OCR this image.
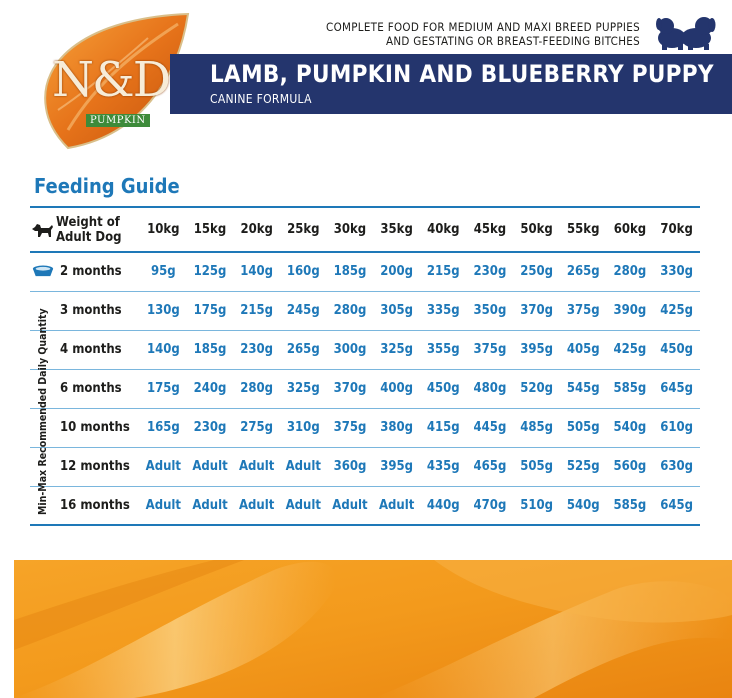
N&D
PUMPKIN
COMPLETE FOOD FOR MEDIUM AND MAXI BREED PUPPIES
AND GESTATING OR BREAST-FEEDING BITCHES
LAMB, PUMPKIN AND BLUEBERRY PUPPY
CANINE FORMULA
Feeding Guide
Weight of
Adult Dog	10kg	15kg	20kg	25kg	30kg	35kg	40kg	45kg	50kg	55kg	60kg	70kg

2 months	95g	125g	140g	160g	185g	200g	215g	230g	250g	265g	280g	330g
3 months	130g	175g	215g	245g	280g	305g	335g	350g	370g	375g	390g	425g
4 months	140g	185g	230g	265g	300g	325g	355g	375g	395g	405g	425g	450g
6 months	175g	240g	280g	325g	370g	400g	450g	480g	520g	545g	585g	645g
10 months	165g	230g	275g	310g	375g	380g	415g	445g	485g	505g	540g	610g
12 months	Adult	Adult	Adult	Adult	360g	395g	435g	465g	505g	525g	560g	630g
16 months	Adult	Adult	Adult	Adult	Adult	Adult	440g	470g	510g	540g	585g	645g
Min-Max Recommended Daily Quantity
